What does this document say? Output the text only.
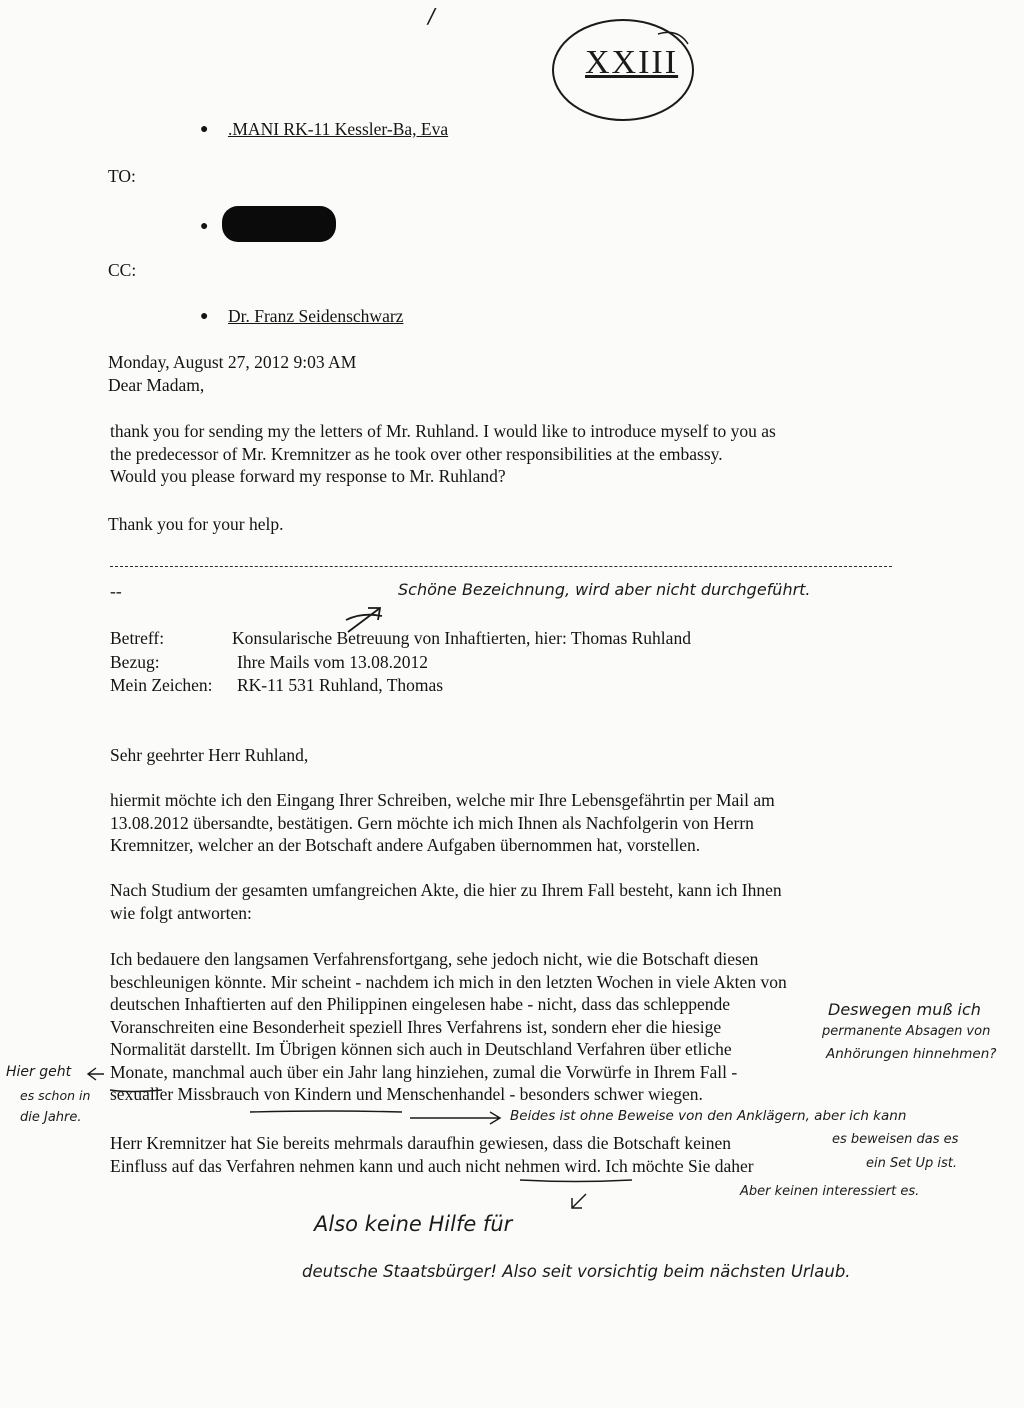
/
XXIII
● .MANI RK-11 Kessler-Ba, Eva
TO:
●
CC:
● Dr. Franz Seidenschwarz
Monday, August 27, 2012 9:03 AM
Dear Madam,
thank you for sending my the letters of Mr. Ruhland. I would like to introduce myself to you as
the predecessor of Mr. Kremnitzer as he took over other responsibilities at the embassy.
Would you please forward my response to Mr. Ruhland?
Thank you for your help.
--	Schöne Bezeichnung, wird aber nicht durchgeführt.
Betreff:	Konsularische Betreuung von Inhaftierten, hier: Thomas Ruhland
Bezug:	Ihre Mails vom 13.08.2012
Mein Zeichen: RK-11 531 Ruhland, Thomas
Sehr geehrter Herr Ruhland,
hiermit möchte ich den Eingang Ihrer Schreiben, welche mir Ihre Lebensgefährtin per Mail am
13.08.2012 übersandte, bestätigen. Gern möchte ich mich Ihnen als Nachfolgerin von Herrn
Kremnitzer, welcher an der Botschaft andere Aufgaben übernommen hat, vorstellen.
Nach Studium der gesamten umfangreichen Akte, die hier zu Ihrem Fall besteht, kann ich Ihnen
wie folgt antworten:
Ich bedauere den langsamen Verfahrensfortgang, sehe jedoch nicht, wie die Botschaft diesen
beschleunigen könnte. Mir scheint - nachdem ich mich in den letzten Wochen in viele Akten von
deutschen Inhaftierten auf den Philippinen eingelesen habe - nicht, dass das schleppende
Voranschreiten eine Besonderheit speziell Ihres Verfahrens ist, sondern eher die hiesige
Normalität darstellt. Im Übrigen können sich auch in Deutschland Verfahren über etliche
Monate, manchmal auch über ein Jahr lang hinziehen, zumal die Vorwürfe in Ihrem Fall -
sexualler Missbrauch von Kindern und Menschenhandel - besonders schwer wiegen.
Deswegen muß ich
permanente Absagen von
Anhörungen hinnehmen?
Hier geht
es schon in
die Jahre.
Herr Kremnitzer hat Sie bereits mehrmals daraufhin gewiesen, dass die Botschaft keinen
Einfluss auf das Verfahren nehmen kann und auch nicht nehmen wird. Ich möchte Sie daher
Beides ist ohne Beweise von den Anklägern, aber ich kann
es beweisen das es
ein Set Up ist.
Aber keinen interessiert es.
Also keine Hilfe für
deutsche Staatsbürger! Also seit vorsichtig beim nächsten Urlaub.
